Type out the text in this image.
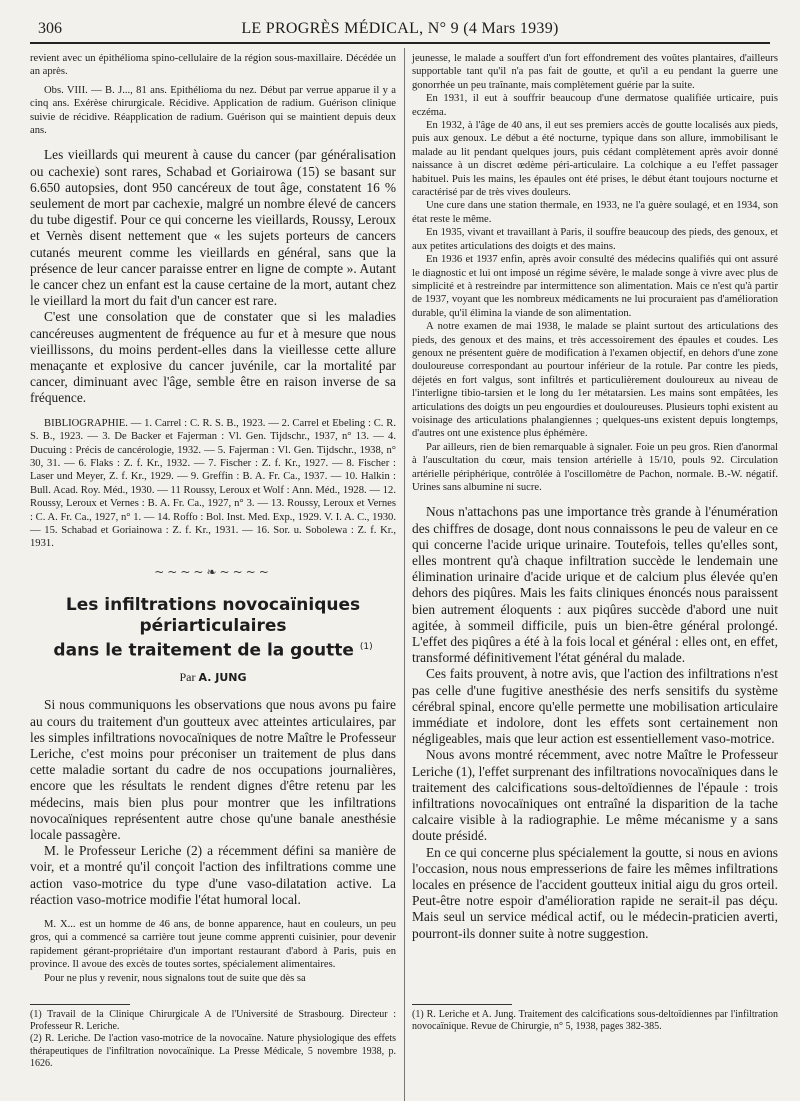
306	LE PROGRÈS MÉDICAL, N° 9 (4 Mars 1939)

revient avec un épithélioma spino-cellulaire de la région sous-maxillaire. Décédée un an après.

Obs. VIII. — B. J..., 81 ans. Epithélioma du nez. Début par verrue apparue il y a cinq ans. Exérèse chirurgicale. Récidive. Application de radium. Guérison clinique suivie de récidive. Réapplication de radium. Guérison qui se maintient depuis deux ans.

Les vieillards qui meurent à cause du cancer (par généralisation ou cachexie) sont rares, Schabad et Goriairowa (15) se basant sur 6.650 autopsies, dont 950 cancéreux de tout âge, constatent 16 % seulement de mort par cachexie, malgré un nombre élevé de cancers du tube digestif. Pour ce qui concerne les vieillards, Roussy, Leroux et Vernès disent nettement que « les sujets porteurs de cancers cutanés meurent comme les vieillards en général, sans que la présence de leur cancer paraisse entrer en ligne de compte ». Autant le cancer chez un enfant est la cause certaine de la mort, autant chez le vieillard la mort du fait d'un cancer est rare.

C'est une consolation que de constater que si les maladies cancéreuses augmentent de fréquence au fur et à mesure que nous vieillissons, du moins perdent-elles dans la vieillesse cette allure menaçante et explosive du cancer juvénile, car la mortalité par cancer, diminuant avec l'âge, semble être en raison inverse de sa fréquence.

BIBLIOGRAPHIE. — 1. Carrel : C. R. S. B., 1923. — 2. Carrel et Ebeling : C. R. S. B., 1923. — 3. De Backer et Fajerman : Vl. Gen. Tijdschr., 1937, n° 13. — 4. Ducuing : Précis de cancérologie, 1932. — 5. Fajerman : Vl. Gen. Tijdschr., 1938, n° 30, 31. — 6. Flaks : Z. f. Kr., 1932. — 7. Fischer : Z. f. Kr., 1927. — 8. Fischer : Laser und Meyer, Z. f. Kr., 1929. — 9. Greffin : B. A. Fr. Ca., 1937. — 10. Halkin : Bull. Acad. Roy. Méd., 1930. — 11 Roussy, Leroux et Wolf : Ann. Méd., 1928. — 12. Roussy, Leroux et Vernes : B. A. Fr. Ca., 1927, n° 3. — 13. Roussy, Leroux et Vernes : C. A. Fr. Ca., 1927, n° 1. — 14. Roffo : Bol. Inst. Med. Exp., 1929. V. I. A. C., 1930. — 15. Schabad et Goriainowa : Z. f. Kr., 1931. — 16. Sor. u. Sobolewa : Z. f. Kr., 1931.

~~~~❧~~~~

Les infiltrations novocaïniques

périarticulaires

dans le traitement de la goutte $^{(1)}$

Par A. JUNG

Si nous communiquons les observations que nous avons pu faire au cours du traitement d'un goutteux avec atteintes articulaires, par les simples infiltrations novocaïniques de notre Maître le Professeur Leriche, c'est moins pour préconiser un traitement de plus dans cette maladie sortant du cadre de nos occupations journalières, encore que les résultats le rendent dignes d'être retenu par les médecins, mais bien plus pour montrer que les infiltrations novocaïniques représentent autre chose qu'une banale anesthésie locale passagère.

M. le Professeur Leriche (2) a récemment défini sa manière de voir, et a montré qu'il conçoit l'action des infiltrations comme une action vaso-motrice du type d'une vaso-dilatation active. La réaction vaso-motrice modifie l'état humoral local.

M. X... est un homme de 46 ans, de bonne apparence, haut en couleurs, un peu gros, qui a commencé sa carrière tout jeune comme apprenti cuisinier, pour devenir rapidement gérant-propriétaire d'un important restaurant d'abord à Paris, puis en province. Il avoue des excès de toutes sortes, spécialement alimentaires.

Pour ne plus y revenir, nous signalons tout de suite que dès sa

jeunesse, le malade a souffert d'un fort effondrement des voûtes plantaires, d'ailleurs supportable tant qu'il n'a pas fait de goutte, et qu'il a eu pendant la guerre une gonorrhée un peu traînante, mais complètement guérie par la suite.

En 1931, il eut à souffrir beaucoup d'une dermatose qualifiée urticaire, puis eczéma.

En 1932, à l'âge de 40 ans, il eut ses premiers accès de goutte localisés aux pieds, puis aux genoux. Le début a été nocturne, typique dans son allure, immobilisant le malade au lit pendant quelques jours, puis cédant complètement après avoir donné naissance à un discret œdème péri-articulaire. La colchique a eu l'effet passager habituel. Puis les mains, les épaules ont été prises, le début étant toujours nocturne et caractérisé par de très vives douleurs.

Une cure dans une station thermale, en 1933, ne l'a guère soulagé, et en 1934, son état reste le même.

En 1935, vivant et travaillant à Paris, il souffre beaucoup des pieds, des genoux, et aux petites articulations des doigts et des mains.

En 1936 et 1937 enfin, après avoir consulté des médecins qualifiés qui ont assuré le diagnostic et lui ont imposé un régime sévère, le malade songe à vivre avec plus de simplicité et à restreindre par intermittence son alimentation. Mais ce n'est qu'à partir de 1937, voyant que les nombreux médicaments ne lui procuraient pas d'amélioration durable, qu'il élimina la viande de son alimentation.

A notre examen de mai 1938, le malade se plaint surtout des articulations des pieds, des genoux et des mains, et très accessoirement des épaules et coudes. Les genoux ne présentent guère de modification à l'examen objectif, en dehors d'une zone douloureuse correspondant au pourtour inférieur de la rotule. Par contre les pieds, déjetés en fort valgus, sont infiltrés et particulièrement douloureux au niveau de l'interligne tibio-tarsien et le long du 1er métatarsien. Les mains sont empâtées, les articulations des doigts un peu engourdies et douloureuses. Plusieurs tophi existent au voisinage des articulations phalangiennes ; quelques-uns existent depuis longtemps, d'autres ont une existence plus éphémère.

Par ailleurs, rien de bien remarquable à signaler. Foie un peu gros. Rien d'anormal à l'auscultation du cœur, mais tension artérielle à 15/10, pouls 92. Circulation artérielle périphérique, contrôlée à l'oscillomètre de Pachon, normale. B.-W. négatif. Urines sans albumine ni sucre.

Nous n'attachons pas une importance très grande à l'énumération des chiffres de dosage, dont nous connaissons le peu de valeur en ce qui concerne l'acide urique urinaire. Toutefois, telles qu'elles sont, elles montrent qu'à chaque infiltration succède le lendemain une élimination urinaire d'acide urique et de calcium plus élevée qu'en dehors des piqûres. Mais les faits cliniques énoncés nous paraissent bien autrement éloquents : aux piqûres succède d'abord une nuit agitée, à sommeil difficile, puis un bien-être général prolongé. L'effet des piqûres a été à la fois local et général : elles ont, en effet, transformé définitivement l'état général du malade.

Ces faits prouvent, à notre avis, que l'action des infiltrations n'est pas celle d'une fugitive anesthésie des nerfs sensitifs du système cérébral spinal, encore qu'elle permette une mobilisation articulaire immédiate et indolore, dont les effets sont certainement non négligeables, mais que leur action est essentiellement vaso-motrice.

Nous avons montré récemment, avec notre Maître le Professeur Leriche (1), l'effet surprenant des infiltrations novocaïniques dans le traitement des calcifications sous-deltoïdiennes de l'épaule : trois infiltrations novocaïniques ont entraîné la disparition de la tache calcaire visible à la radiographie. Le même mécanisme y a sans doute présidé.

En ce qui concerne plus spécialement la goutte, si nous en avions l'occasion, nous nous empresserions de faire les mêmes infiltrations locales en présence de l'accident goutteux initial aigu du gros orteil. Peut-être notre espoir d'amélioration rapide ne serait-il pas déçu. Mais seul un service médical actif, ou le médecin-praticien averti, pourront-ils donner suite à notre suggestion.

(1) Travail de la Clinique Chirurgicale A de l'Université de Strasbourg. Directeur : Professeur R. Leriche.

(2) R. Leriche. De l'action vaso-motrice de la novocaïne. Nature physiologique des effets thérapeutiques de l'infiltration novocaïnique. La Presse Médicale, 5 novembre 1938, p. 1626.

(1) R. Leriche et A. Jung. Traitement des calcifications sous-deltoïdiennes par l'infiltration novocaïnique. Revue de Chirurgie, n° 5, 1938, pages 382-385.
